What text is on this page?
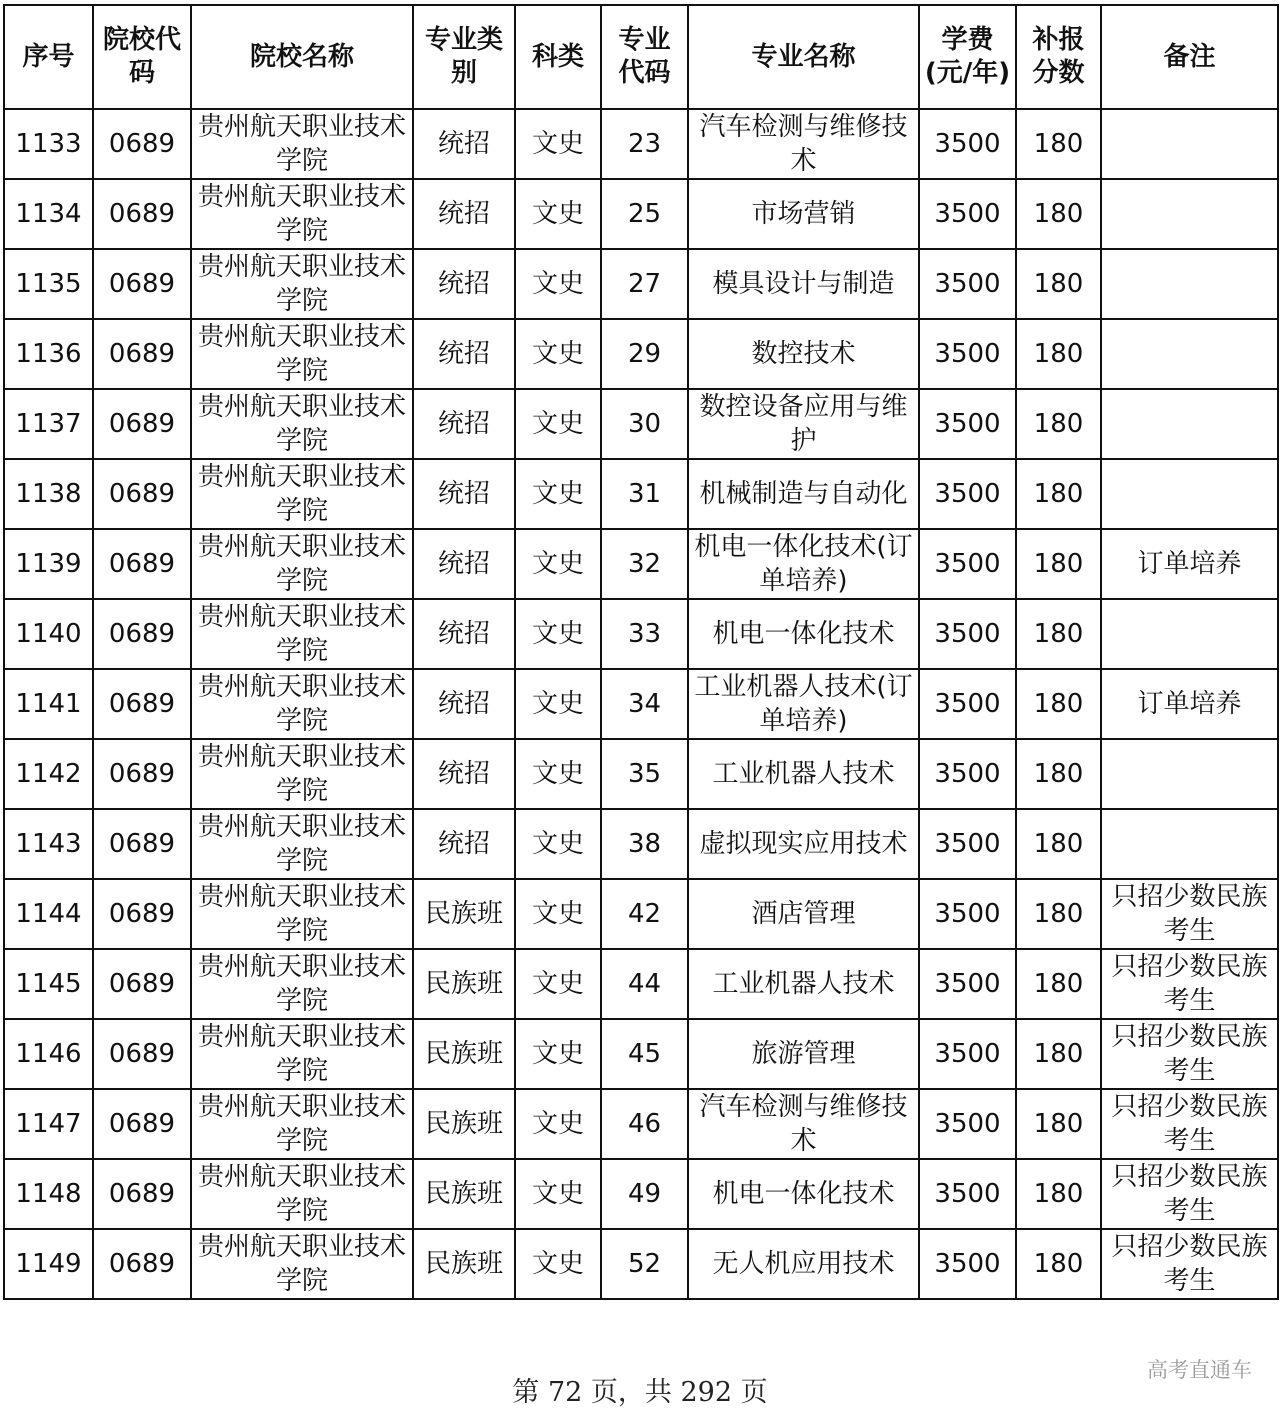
序号	院校代码	院校名称	专业类别	科类	专业代码	专业名称	学费(元/年)	补报分数	备注
1133	0689	贵州航天职业技术学院	统招	文史	23	汽车检测与维修技术	3500	180	
1134	0689	贵州航天职业技术学院	统招	文史	25	市场营销	3500	180	
1135	0689	贵州航天职业技术学院	统招	文史	27	模具设计与制造	3500	180	
1136	0689	贵州航天职业技术学院	统招	文史	29	数控技术	3500	180	
1137	0689	贵州航天职业技术学院	统招	文史	30	数控设备应用与维护	3500	180	
1138	0689	贵州航天职业技术学院	统招	文史	31	机械制造与自动化	3500	180	
1139	0689	贵州航天职业技术学院	统招	文史	32	机电一体化技术(订单培养)	3500	180	订单培养
1140	0689	贵州航天职业技术学院	统招	文史	33	机电一体化技术	3500	180	
1141	0689	贵州航天职业技术学院	统招	文史	34	工业机器人技术(订单培养)	3500	180	订单培养
1142	0689	贵州航天职业技术学院	统招	文史	35	工业机器人技术	3500	180	
1143	0689	贵州航天职业技术学院	统招	文史	38	虚拟现实应用技术	3500	180	
1144	0689	贵州航天职业技术学院	民族班	文史	42	酒店管理	3500	180	只招少数民族考生
1145	0689	贵州航天职业技术学院	民族班	文史	44	工业机器人技术	3500	180	只招少数民族考生
1146	0689	贵州航天职业技术学院	民族班	文史	45	旅游管理	3500	180	只招少数民族考生
1147	0689	贵州航天职业技术学院	民族班	文史	46	汽车检测与维修技术	3500	180	只招少数民族考生
1148	0689	贵州航天职业技术学院	民族班	文史	49	机电一体化技术	3500	180	只招少数民族考生
1149	0689	贵州航天职业技术学院	民族班	文史	52	无人机应用技术	3500	180	只招少数民族考生
第 72 页，共 292 页
高考直通车
